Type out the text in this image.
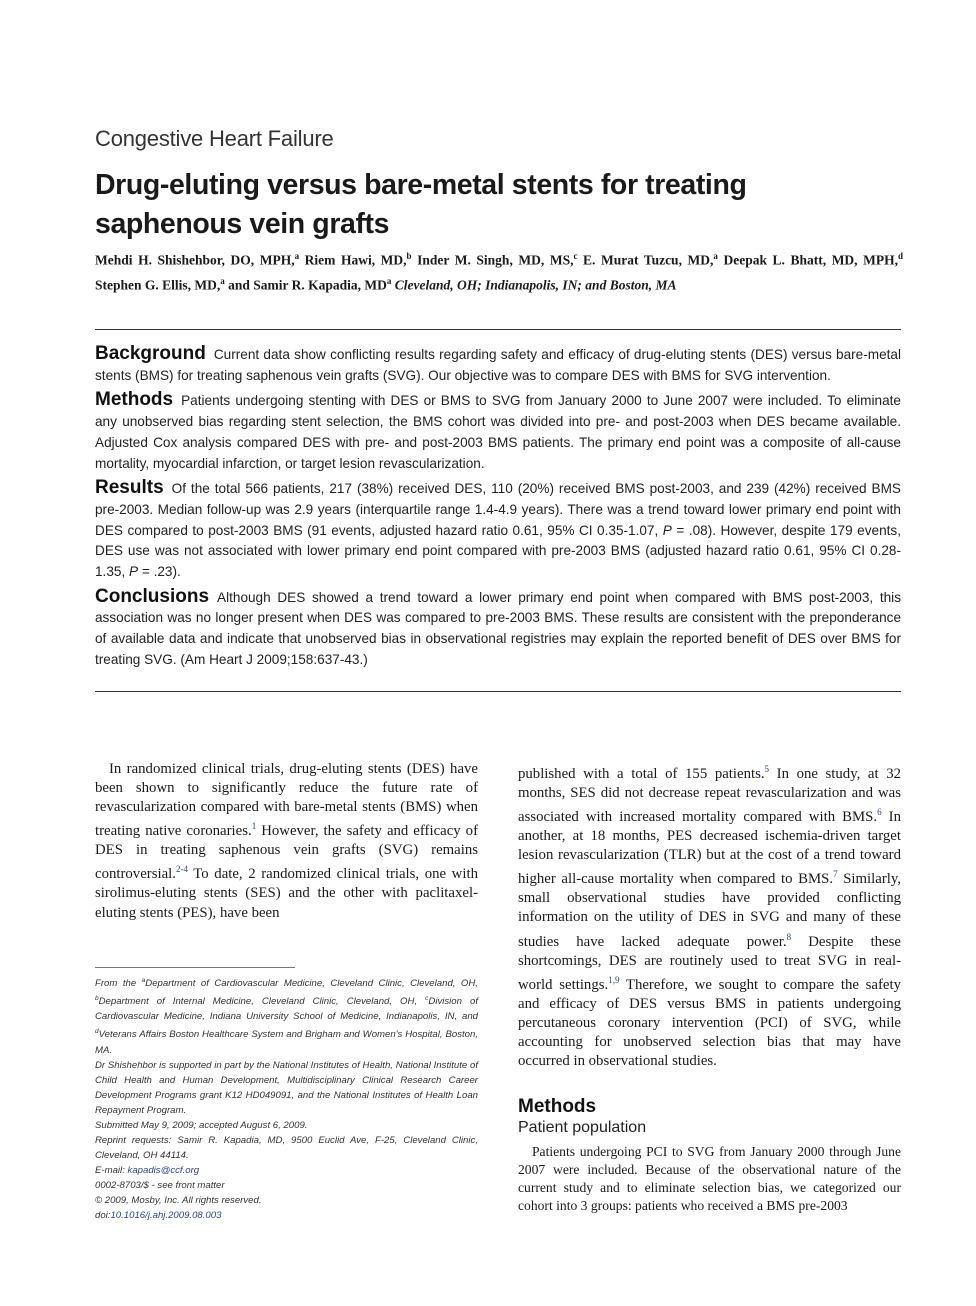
Congestive Heart Failure
Drug-eluting versus bare-metal stents for treating saphenous vein grafts
Mehdi H. Shishehbor, DO, MPH,$^a$ Riem Hawi, MD,$^b$ Inder M. Singh, MD, MS,$^c$ E. Murat Tuzcu, MD,$^a$ Deepak L. Bhatt, MD, MPH,$^d$ Stephen G. Ellis, MD,$^a$ and Samir R. Kapadia, $MD^a$ Cleveland, OH; Indianapolis, IN; and Boston, MA

Background Current data show conflicting results regarding safety and efficacy of drug-eluting stents (DES) versus bare-metal stents (BMS) for treating saphenous vein grafts (SVG). Our objective was to compare DES with BMS for SVG intervention.

Methods Patients undergoing stenting with DES or BMS to SVG from January 2000 to June 2007 were included. To eliminate any unobserved bias regarding stent selection, the BMS cohort was divided into pre- and post-2003 when DES became available. Adjusted Cox analysis compared DES with pre- and post-2003 BMS patients. The primary end point was a composite of all-cause mortality, myocardial infarction, or target lesion revascularization.

Results Of the total 566 patients, 217 (38%) received DES, 110 (20%) received BMS post-2003, and 239 (42%) received BMS pre-2003. Median follow-up was 2.9 years (interquartile range 1.4-4.9 years). There was a trend toward lower primary end point with DES compared to post-2003 BMS (91 events, adjusted hazard ratio 0.61, 95% CI 0.35-1.07, P = .08). However, despite 179 events, DES use was not associated with lower primary end point compared with pre-2003 BMS (adjusted hazard ratio 0.61, 95% CI 0.28-1.35, P = .23).

Conclusions Although DES showed a trend toward a lower primary end point when compared with BMS post-2003, this association was no longer present when DES was compared to pre-2003 BMS. These results are consistent with the preponderance of available data and indicate that unobserved bias in observational registries may explain the reported benefit of DES over BMS for treating SVG. (Am Heart J 2009;158:637-43.)

In randomized clinical trials, drug-eluting stents (DES) have been shown to significantly reduce the future rate of revascularization compared with bare-metal stents (BMS) when treating native coronaries.$^1$ However, the safety and efficacy of DES in treating saphenous vein grafts (SVG) remains controversial.$^{2-4}$ To date, 2 randomized clinical trials, one with sirolimus-eluting stents (SES) and the other with paclitaxel-eluting stents (PES), have been

From the $^a$Department of Cardiovascular Medicine, Cleveland Clinic, Cleveland, OH, $^b$Department of Internal Medicine, Cleveland Clinic, Cleveland, OH, $^c$Division of Cardiovascular Medicine, Indiana University School of Medicine, Indianapolis, IN, and $^d$Veterans Affairs Boston Healthcare System and Brigham and Women's Hospital, Boston, MA.

Dr Shishehbor is supported in part by the National Institutes of Health, National Institute of Child Health and Human Development, Multidisciplinary Clinical Research Career Development Programs grant K12 HD049091, and the National Institutes of Health Loan Repayment Program.

Submitted May 9, 2009; accepted August 6, 2009.

Reprint requests: Samir R. Kapadia, MD, 9500 Euclid Ave, F-25, Cleveland Clinic, Cleveland, OH 44114.

E-mail: kapadis@ccf.org

0002-8703/$ - see front matter

© 2009, Mosby, Inc. All rights reserved.

doi:10.1016/j.ahj.2009.08.003

published with a total of 155 patients.$^5$ In one study, at 32 months, SES did not decrease repeat revascularization and was associated with increased mortality compared with BMS.$^6$ In another, at 18 months, PES decreased ischemia-driven target lesion revascularization (TLR) but at the cost of a trend toward higher all-cause mortality when compared to BMS.$^7$ Similarly, small observational studies have provided conflicting information on the utility of DES in SVG and many of these studies have lacked adequate power.$^8$ Despite these shortcomings, DES are routinely used to treat SVG in real-world settings.$^{1,9}$ Therefore, we sought to compare the safety and efficacy of DES versus BMS in patients undergoing percutaneous coronary intervention (PCI) of SVG, while accounting for unobserved selection bias that may have occurred in observational studies.

Methods
Patient population

Patients undergoing PCI to SVG from January 2000 through June 2007 were included. Because of the observational nature of the current study and to eliminate selection bias, we categorized our cohort into 3 groups: patients who received a BMS pre-2003
